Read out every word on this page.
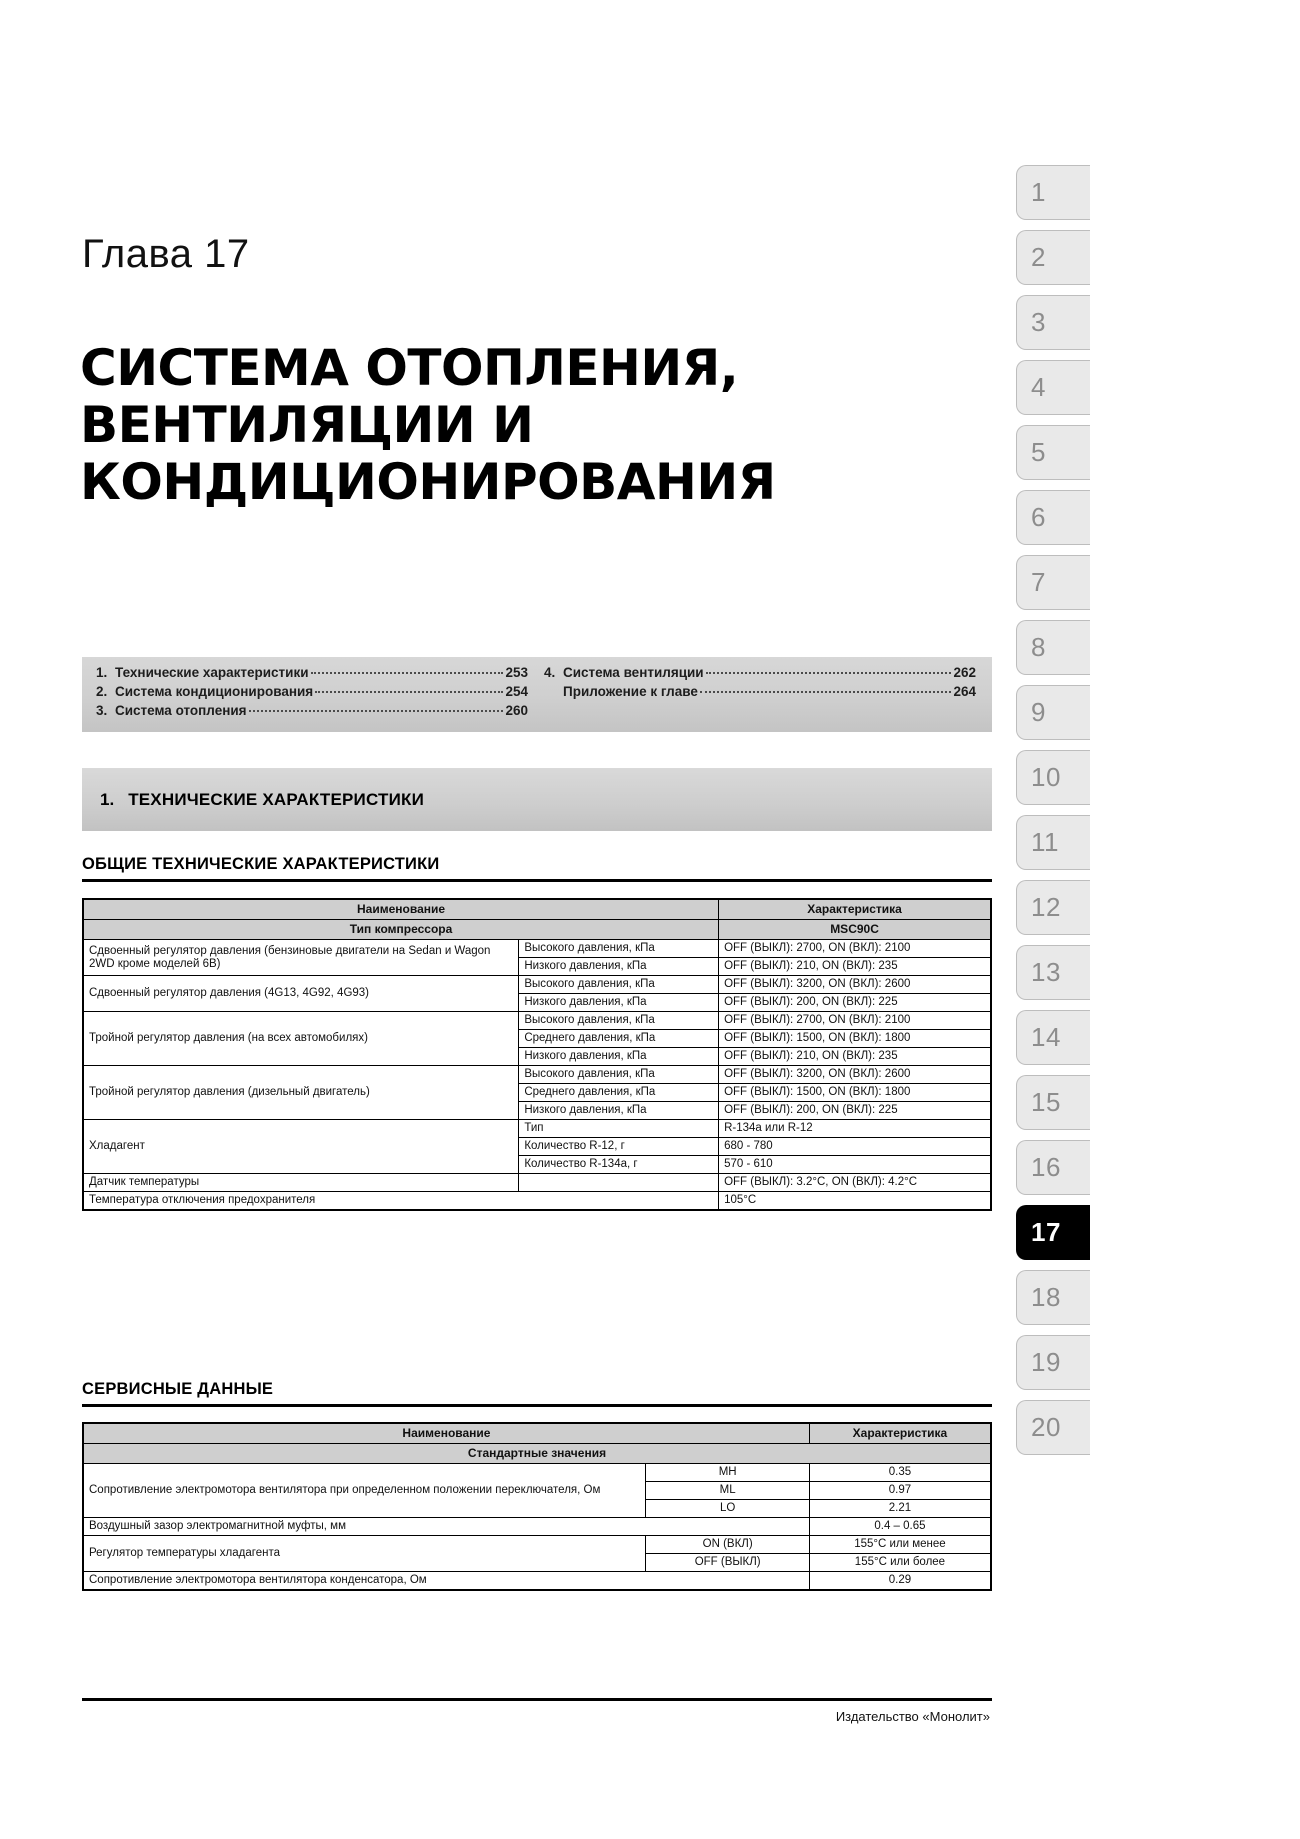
1
2
3
4
5
6
7
8
9
10
11
12
13
14
15
16
17
18
19
20
Глава 17
СИСТЕМА ОТОПЛЕНИЯ, ВЕНТИЛЯЦИИ И КОНДИЦИОНИРОВАНИЯ
1. Технические характеристики	253
2. Система кондиционирования	254
3. Система отопления	260
4. Система вентиляции	262
Приложение к главе	264
1. ТЕХНИЧЕСКИЕ ХАРАКТЕРИСТИКИ
ОБЩИЕ ТЕХНИЧЕСКИЕ ХАРАКТЕРИСТИКИ
Наименование		Характеристика
Тип компрессора		MSC90C
Сдвоенный регулятор давления (бензиновые двигатели на Sedan и Wagon 2WD кроме моделей 6B)	Высокого давления, кПа	OFF (ВЫКЛ): 2700, ON (ВКЛ): 2100
	Низкого давления, кПа	OFF (ВЫКЛ): 210, ON (ВКЛ): 235
Сдвоенный регулятор давления (4G13, 4G92, 4G93)	Высокого давления, кПа	OFF (ВЫКЛ): 3200, ON (ВКЛ): 2600
	Низкого давления, кПа	OFF (ВЫКЛ): 200, ON (ВКЛ): 225
Тройной регулятор давления (на всех автомобилях)	Высокого давления, кПа	OFF (ВЫКЛ): 2700, ON (ВКЛ): 2100
	Среднего давления, кПа	OFF (ВЫКЛ): 1500, ON (ВКЛ): 1800
	Низкого давления, кПа	OFF (ВЫКЛ): 210, ON (ВКЛ): 235
Тройной регулятор давления (дизельный двигатель)	Высокого давления, кПа	OFF (ВЫКЛ): 3200, ON (ВКЛ): 2600
	Среднего давления, кПа	OFF (ВЫКЛ): 1500, ON (ВКЛ): 1800
	Низкого давления, кПа	OFF (ВЫКЛ): 200, ON (ВКЛ): 225
Хладагент	Тип	R-134a или R-12
	Количество R-12, г	680 - 780
	Количество R-134a, г	570 - 610
Датчик температуры		OFF (ВЫКЛ): 3.2°C, ON (ВКЛ): 4.2°C
Температура отключения предохранителя		105°C
СЕРВИСНЫЕ ДАННЫЕ
Наименование		Характеристика
Стандартные значения		
Сопротивление электромотора вентилятора при определенном положении переключателя, Ом	MH	0.35
	ML	0.97
	LO	2.21
Воздушный зазор электромагнитной муфты, мм		0.4 – 0.65
Регулятор температуры хладагента	ON (ВКЛ)	155°C или менее
	OFF (ВЫКЛ)	155°C или более
Сопротивление электромотора вентилятора конденсатора, Ом		0.29
Издательство «Монолит»
